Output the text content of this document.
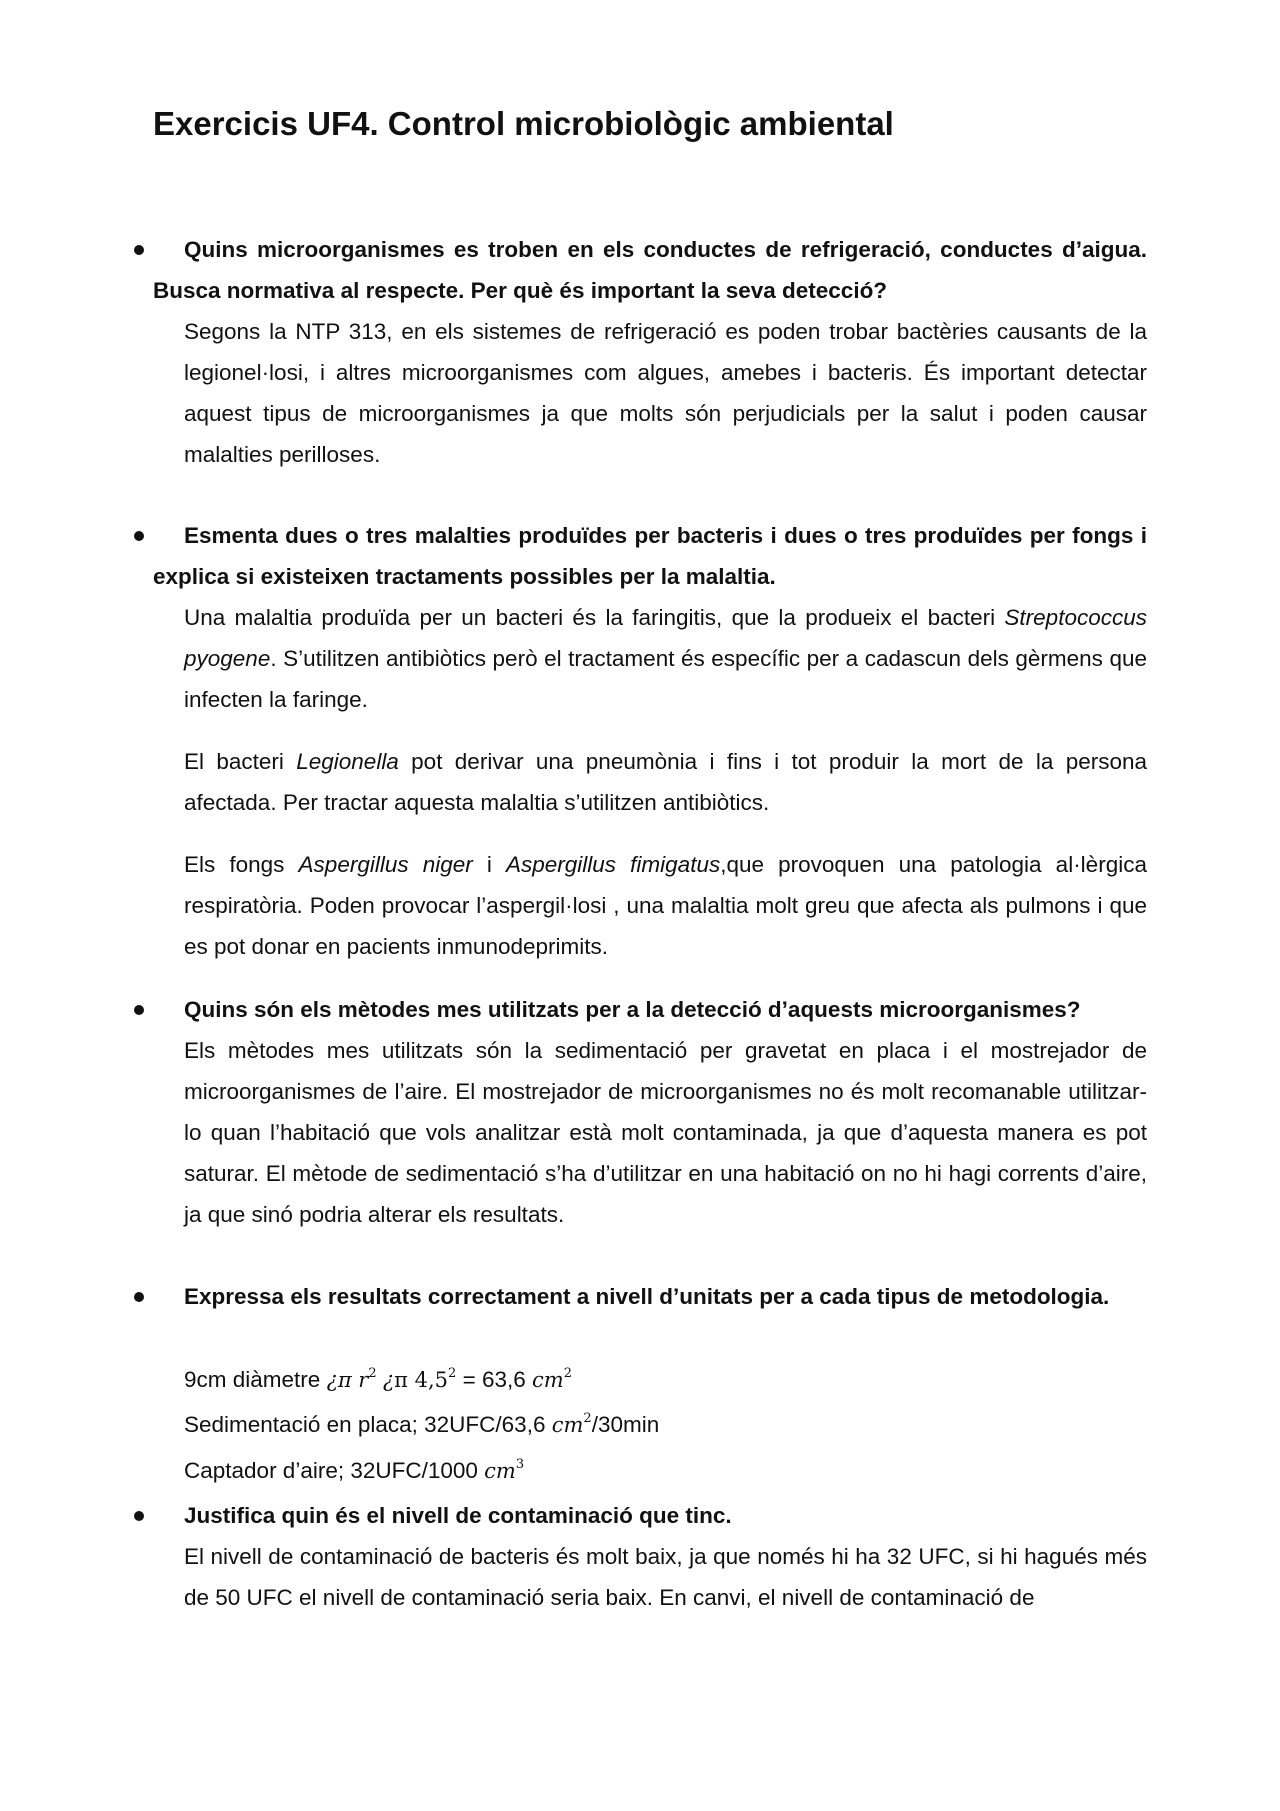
Exercicis UF4. Control microbiològic ambiental

Quins microorganismes es troben en els conductes de refrigeració, conductes d’aigua. Busca normativa al respecte. Per què és important la seva detecció?

Segons la NTP 313, en els sistemes de refrigeració es poden trobar bactèries causants de la legionel·losi, i altres microorganismes com algues, amebes i bacteris. És important detectar aquest tipus de microorganismes ja que molts són perjudicials per la salut i poden causar malalties perilloses.

Esmenta dues o tres malalties produïdes per bacteris i dues o tres produïdes per fongs i explica si existeixen tractaments possibles per la malaltia.

Una malaltia produïda per un bacteri és la faringitis, que la produeix el bacteri Streptococcus pyogene. S’utilitzen antibiòtics però el tractament és específic per a cadascun dels gèrmens que infecten la faringe.

El bacteri Legionella pot derivar una pneumònia i fins i tot produir la mort de la persona afectada. Per tractar aquesta malaltia s’utilitzen antibiòtics.

Els fongs Aspergillus niger i Aspergillus fimigatus,que provoquen una patologia al·lèrgica respiratòria. Poden provocar l’aspergil·losi , una malaltia molt greu que afecta als pulmons i que es pot donar en pacients inmunodeprimits.

Quins són els mètodes mes utilitzats per a la detecció d’aquests microorganismes?

Els mètodes mes utilitzats són la sedimentació per gravetat en placa i el mostrejador de microorganismes de l’aire. El mostrejador de microorganismes no és molt recomanable utilitzar-lo quan l’habitació que vols analitzar està molt contaminada, ja que d’aquesta manera es pot saturar. El mètode de sedimentació s’ha d’utilitzar en una habitació on no hi hagi corrents d’aire, ja que sinó podria alterar els resultats.

Expressa els resultats correctament a nivell d’unitats per a cada tipus de metodologia.

9cm diàmetre ¿π $r^2$ ¿π $4,5^2 = 63,6$ $cm^2$

Sedimentació en placa; 32UFC/63,6 $cm^2/30\min$

Captador d’aire; 32UFC/1000 $cm^3$

Justifica quin és el nivell de contaminació que tinc.

El nivell de contaminació de bacteris és molt baix, ja que només hi ha 32 UFC, si hi hagués més de 50 UFC el nivell de contaminació seria baix. En canvi, el nivell de contaminació de
